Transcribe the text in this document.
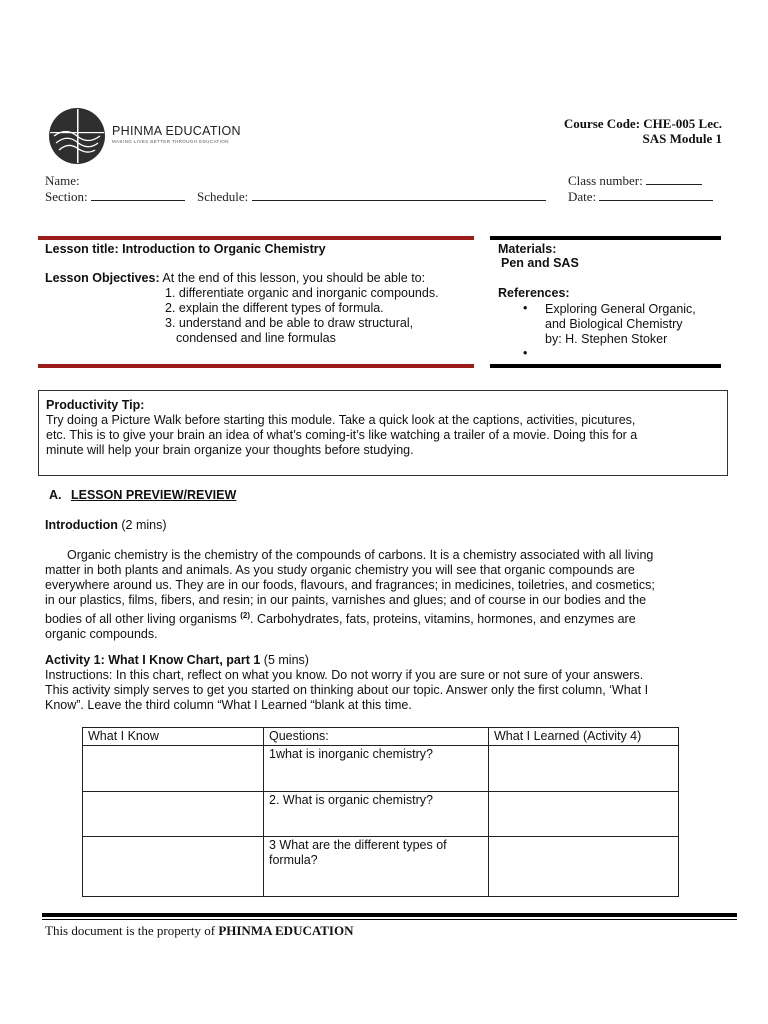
PHINMA EDUCATION
MAKING LIVES BETTER THROUGH EDUCATION
Course Code: CHE-005 Lec.
SAS Module 1
Name:	Class number:
Section:	Schedule:	Date:
Lesson title: Introduction to Organic Chemistry
Lesson Objectives: At the end of this lesson, you should be able to:
1. differentiate organic and inorganic compounds.
2. explain the different types of formula.
3. understand and be able to draw structural,
condensed and line formulas
Materials:
Pen and SAS
References:
• Exploring General Organic,
and Biological Chemistry
by: H. Stephen Stoker
•
Productivity Tip:
Try doing a Picture Walk before starting this module. Take a quick look at the captions, activities, picutures,
etc. This is to give your brain an idea of what’s coming-it’s like watching a trailer of a movie. Doing this for a
minute will help your brain organize your thoughts before studying.
A. LESSON PREVIEW/REVIEW
Introduction (2 mins)
Organic chemistry is the chemistry of the compounds of carbons. It is a chemistry associated with all living
matter in both plants and animals. As you study organic chemistry you will see that organic compounds are
everywhere around us. They are in our foods, flavours, and fragrances; in medicines, toiletries, and cosmetics;
in our plastics, films, fibers, and resin; in our paints, varnishes and glues; and of course in our bodies and the
bodies of all other living organisms $^{(2)}$. Carbohydrates, fats, proteins, vitamins, hormones, and enzymes are
organic compounds.
Activity 1: What I Know Chart, part 1 (5 mins)
Instructions: In this chart, reflect on what you know. Do not worry if you are sure or not sure of your answers.
This activity simply serves to get you started on thinking about our topic. Answer only the first column, ‘What I
Know”. Leave the third column “What I Learned “blank at this time.
What I Know	Questions:	What I Learned (Activity 4)
	1what is inorganic chemistry?	
	2. What is organic chemistry?	
	3 What are the different types of formula?	
This document is the property of PHINMA EDUCATION
